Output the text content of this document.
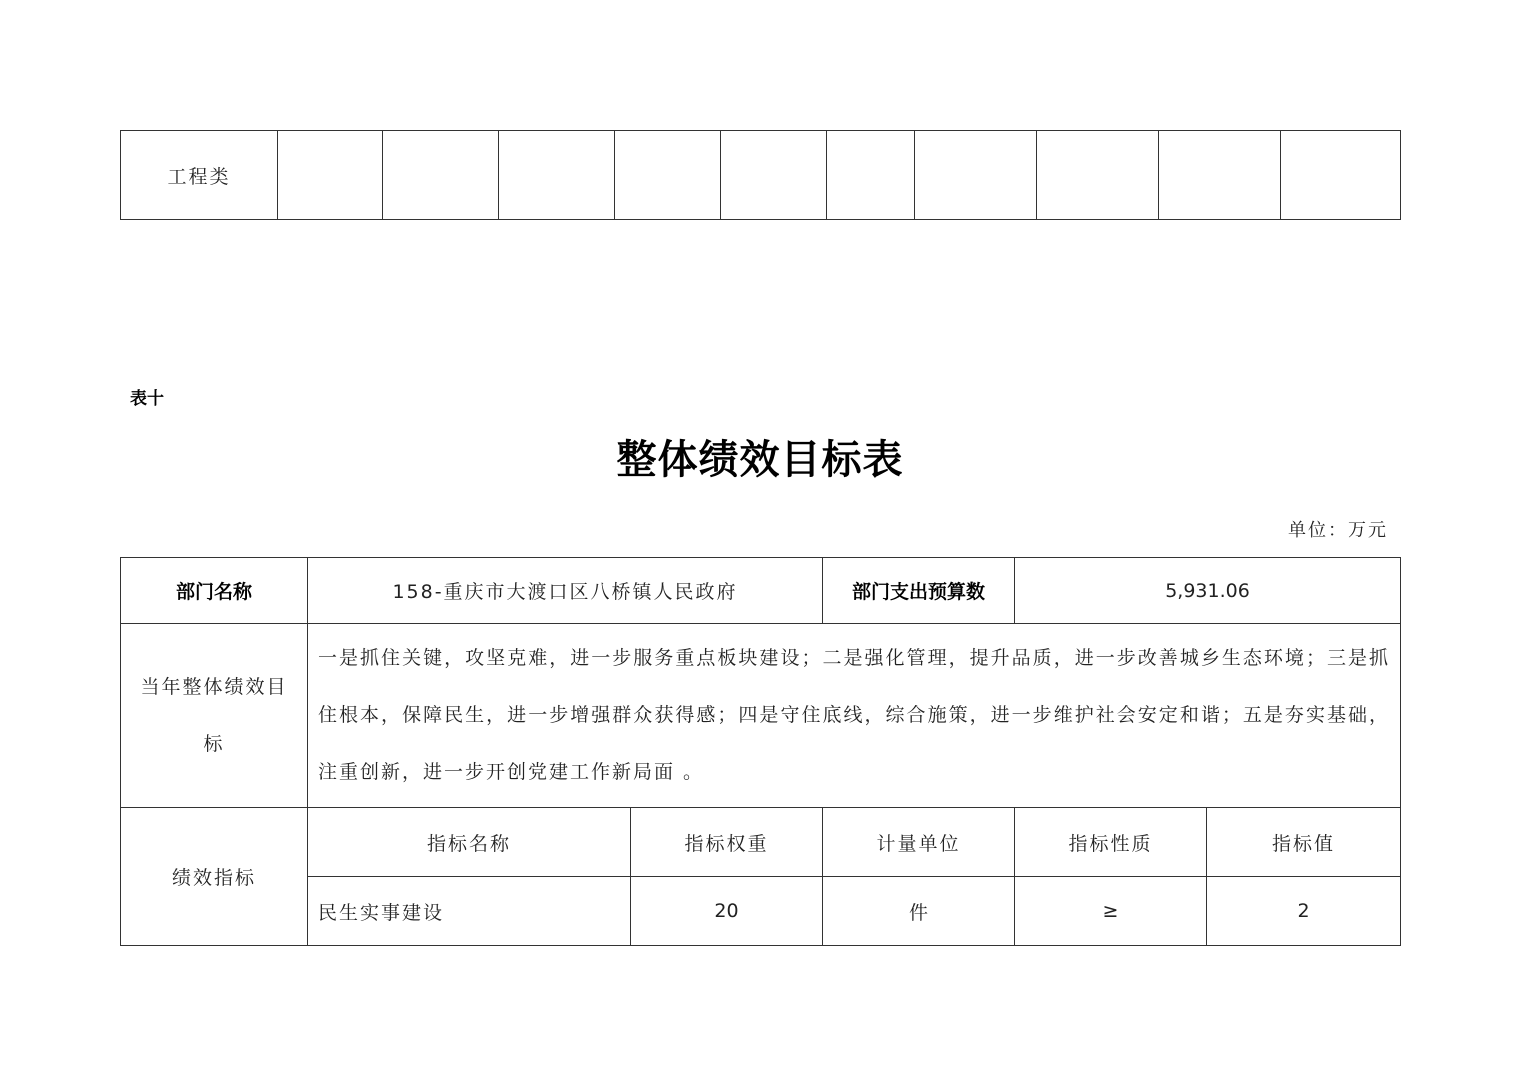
工程类										
表十
整体绩效目标表
单位：万元
部门名称	158-重庆市大渡口区八桥镇人民政府		部门支出预算数	5,931.06	
当年整体绩效目标	一是抓住关键，攻坚克难，进一步服务重点板块建设；二是强化管理，提升品质，进一步改善城乡生态环境；三是抓住根本，保障民生，进一步增强群众获得感；四是守住底线，综合施策，进一步维护社会安定和谐；五是夯实基础，注重创新，进一步开创党建工作新局面 。				
绩效指标	指标名称	指标权重	计量单位	指标性质	指标值
	民生实事建设	20	件	≥	2
